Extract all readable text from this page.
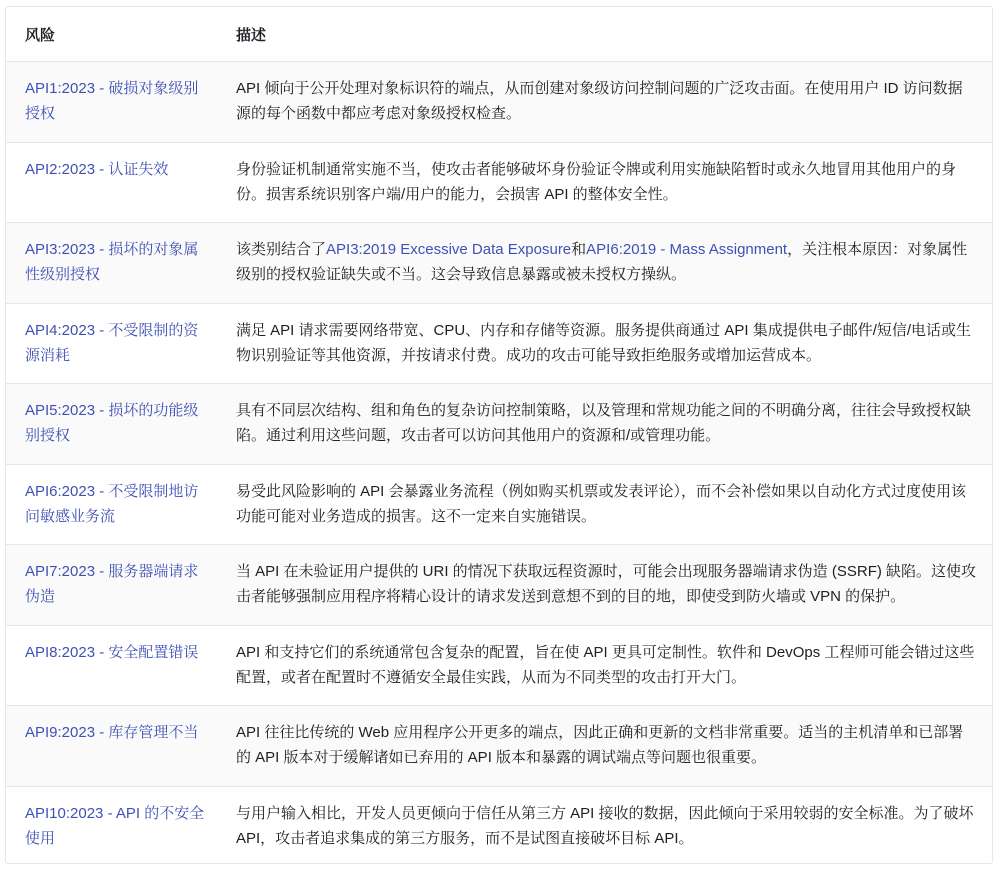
风险	描述
API1:2023 - 破损对象级别授权	API 倾向于公开处理对象标识符的端点，从而创建对象级访问控制问题的广泛攻击面。在使用用户 ID 访问数据源的每个函数中都应考虑对象级授权检查。
API2:2023 - 认证失效	身份验证机制通常实施不当，使攻击者能够破坏身份验证令牌或利用实施缺陷暂时或永久地冒用其他用户的身份。损害系统识别客户端/用户的能力，会损害 API 的整体安全性。
API3:2023 - 损坏的对象属性级别授权	该类别结合了API3:2019 Excessive Data Exposure和API6:2019 - Mass Assignment，关注根本原因：对象属性级别的授权验证缺失或不当。这会导致信息暴露或被未授权方操纵。
API4:2023 - 不受限制的资源消耗	满足 API 请求需要网络带宽、CPU、内存和存储等资源。服务提供商通过 API 集成提供电子邮件/短信/电话或生物识别验证等其他资源，并按请求付费。成功的攻击可能导致拒绝服务或增加运营成本。
API5:2023 - 损坏的功能级别授权	具有不同层次结构、组和角色的复杂访问控制策略，以及管理和常规功能之间的不明确分离，往往会导致授权缺陷。通过利用这些问题，攻击者可以访问其他用户的资源和/或管理功能。
API6:2023 - 不受限制地访问敏感业务流	易受此风险影响的 API 会暴露业务流程（例如购买机票或发表评论），而不会补偿如果以自动化方式过度使用该功能可能对业务造成的损害。这不一定来自实施错误。
API7:2023 - 服务器端请求伪造	当 API 在未验证用户提供的 URI 的情况下获取远程资源时，可能会出现服务器端请求伪造 (SSRF) 缺陷。这使攻击者能够强制应用程序将精心设计的请求发送到意想不到的目的地，即使受到防火墙或 VPN 的保护。
API8:2023 - 安全配置错误	API 和支持它们的系统通常包含复杂的配置，旨在使 API 更具可定制性。软件和 DevOps 工程师可能会错过这些配置，或者在配置时不遵循安全最佳实践，从而为不同类型的攻击打开大门。
API9:2023 - 库存管理不当	API 往往比传统的 Web 应用程序公开更多的端点，因此正确和更新的文档非常重要。适当的主机清单和已部署的 API 版本对于缓解诸如已弃用的 API 版本和暴露的调试端点等问题也很重要。
API10:2023 - API 的不安全使用	与用户输入相比，开发人员更倾向于信任从第三方 API 接收的数据，因此倾向于采用较弱的安全标准。为了破坏 API，攻击者追求集成的第三方服务，而不是试图直接破坏目标 API。
